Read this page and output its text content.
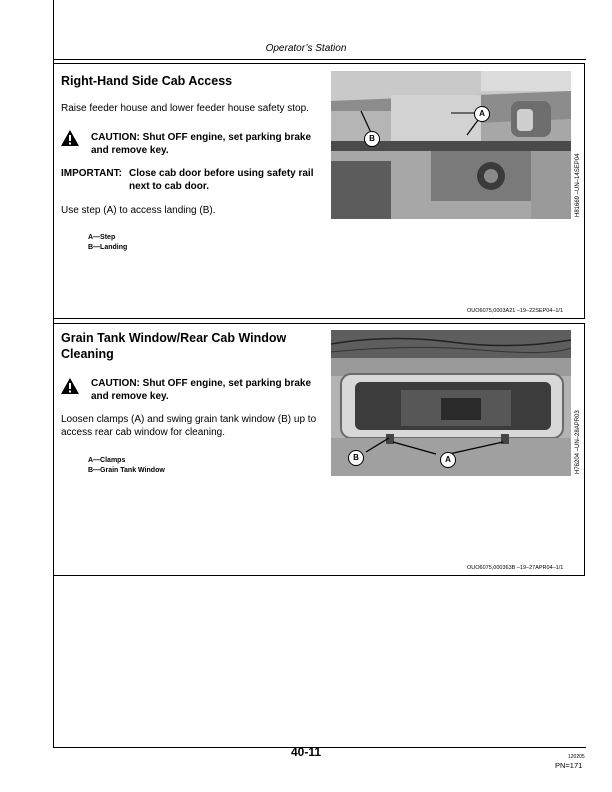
Operator’s Station
Right-Hand Side Cab Access
Raise feeder house and lower feeder house safety stop.
CAUTION: Shut OFF engine, set parking brake
and remove key.
IMPORTANT: Close cab door before using safety rail
next to cab door.
Use step (A) to access landing (B).
A—Step
B—Landing
A
B
H81669 –UN–14SEP04
OUO6075,0003A21 –19–22SEP04–1/1
Grain Tank Window/Rear Cab Window
Cleaning
CAUTION: Shut OFF engine, set parking brake
and remove key.
Loosen clamps (A) and swing grain tank window (B) up to
access rear cab window for cleaning.
A—Clamps
B—Grain Tank Window
B	A	H76204 –UN–28APR03
OUO6075,000363B –19–27APR04–1/1
40-11	120205
PN=171
